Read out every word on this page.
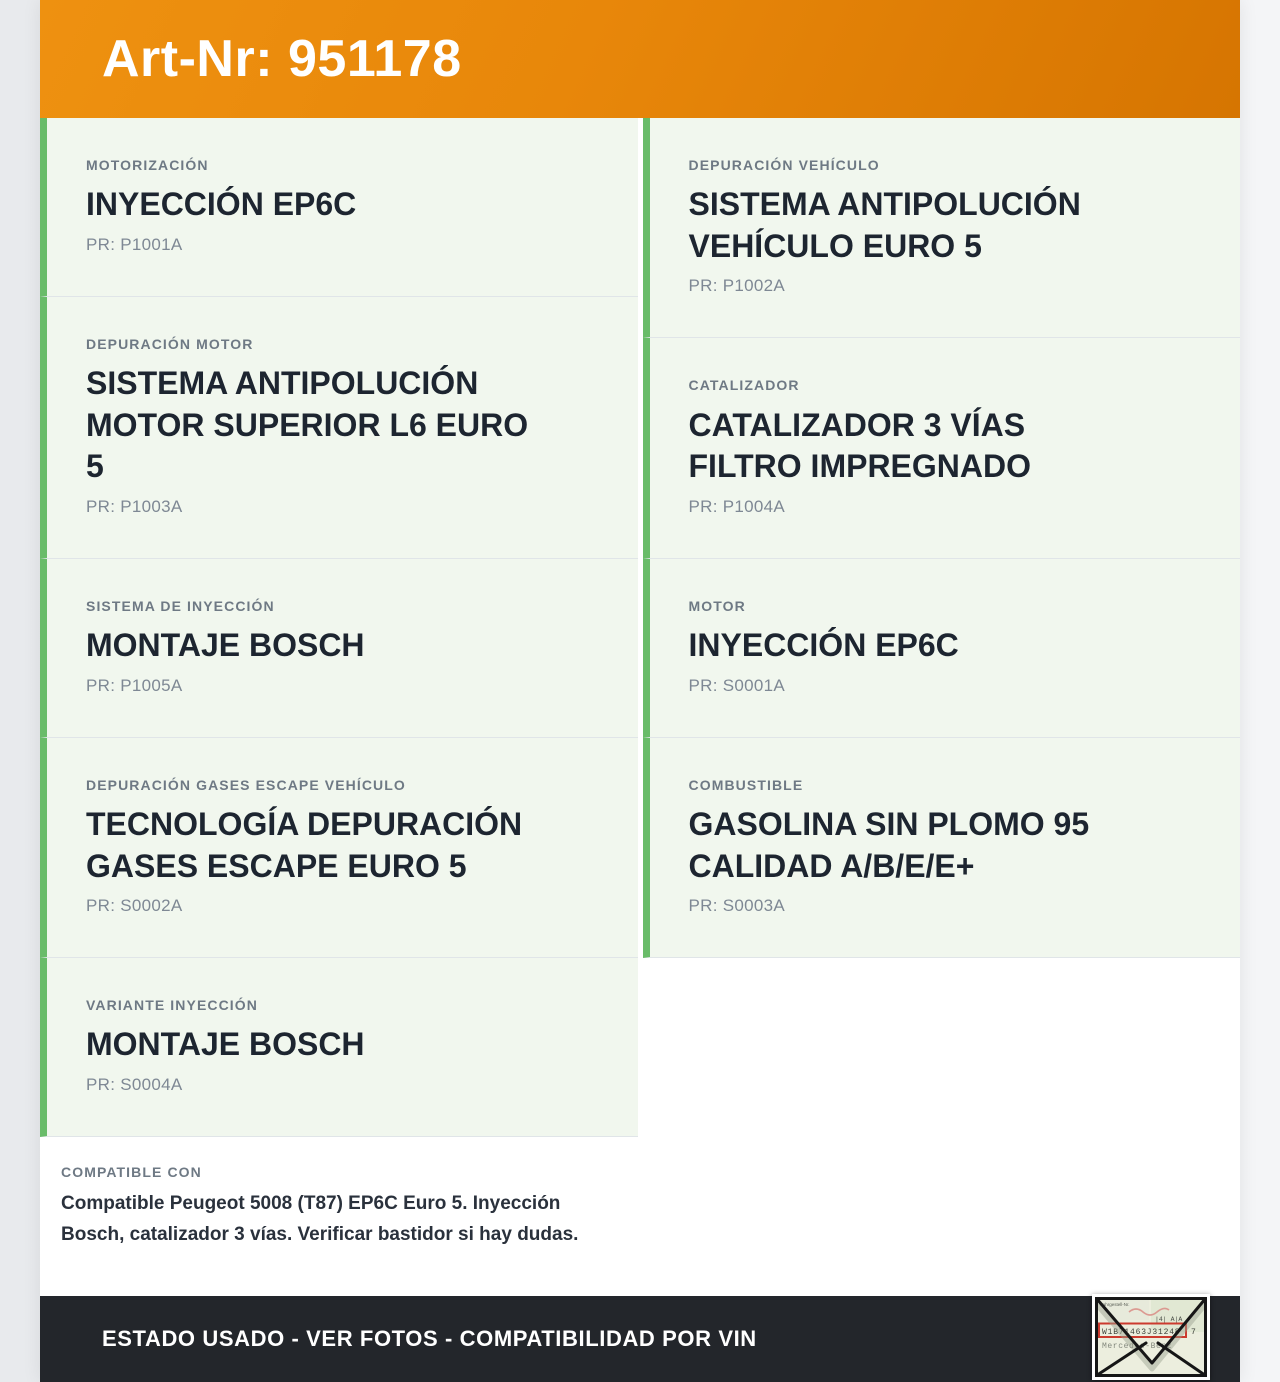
Art-Nr: 951178
MOTORIZACIÓN
INYECCIÓN EP6C
PR: P1001A
DEPURACIÓN MOTOR
SISTEMA ANTIPOLUCIÓN MOTOR SUPERIOR L6 EURO 5
PR: P1003A
SISTEMA DE INYECCIÓN
MONTAJE BOSCH
PR: P1005A
DEPURACIÓN GASES ESCAPE VEHÍCULO
TECNOLOGÍA DEPURACIÓN GASES ESCAPE EURO 5
PR: S0002A
VARIANTE INYECCIÓN
MONTAJE BOSCH
PR: S0004A
COMPATIBLE CON
Compatible Peugeot 5008 (T87) EP6C Euro 5. Inyección Bosch, catalizador 3 vías. Verificar bastidor si hay dudas.
DEPURACIÓN VEHÍCULO
SISTEMA ANTIPOLUCIÓN VEHÍCULO EURO 5
PR: P1002A
CATALIZADOR
CATALIZADOR 3 VÍAS FILTRO IMPREGNADO
PR: P1004A
MOTOR
INYECCIÓN EP6C
PR: S0001A
COMBUSTIBLE
GASOLINA SIN PLOMO 95 CALIDAD A/B/E/E+
PR: S0003A
ESTADO USADO - VER FOTOS - COMPATIBILIDAD POR VIN
Fahrgestell-Nr.
|4| A|A
W1B71463J31248 7
Mercedes-Benz
